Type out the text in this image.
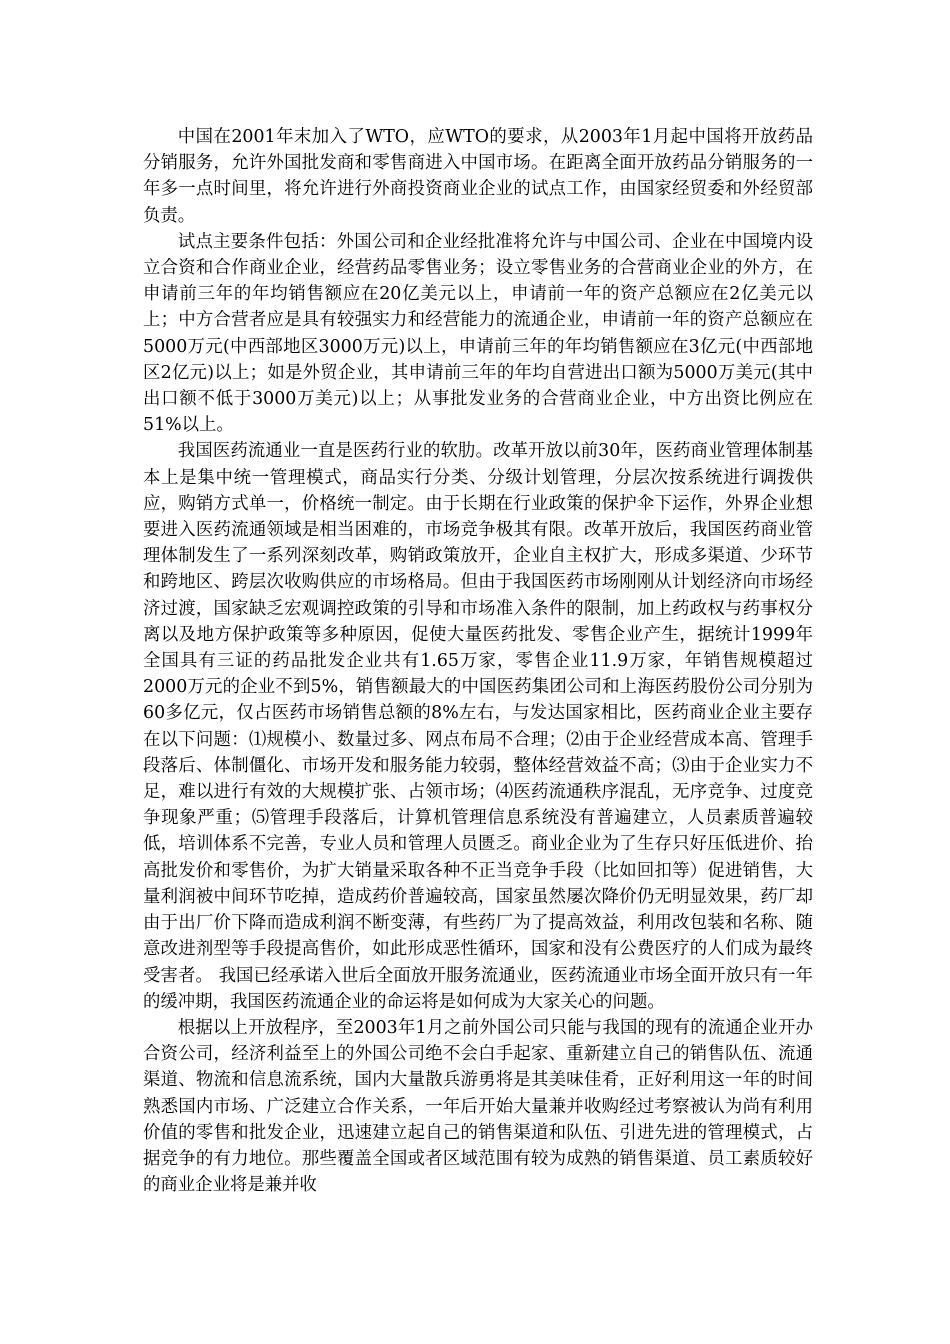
中国在2001年末加入了WTO，应WTO的要求，从2003年1月起中国将开放药品分销服务，允许外国批发商和零售商进入中国市场。在距离全面开放药品分销服务的一年多一点时间里，将允许进行外商投资商业企业的试点工作，由国家经贸委和外经贸部负责。

试点主要条件包括：外国公司和企业经批准将允许与中国公司、企业在中国境内设立合资和合作商业企业，经营药品零售业务；设立零售业务的合营商业企业的外方，在申请前三年的年均销售额应在20亿美元以上，申请前一年的资产总额应在2亿美元以上；中方合营者应是具有较强实力和经营能力的流通企业，申请前一年的资产总额应在5000万元(中西部地区3000万元)以上，申请前三年的年均销售额应在3亿元(中西部地区2亿元)以上；如是外贸企业，其申请前三年的年均自营进出口额为5000万美元(其中出口额不低于3000万美元)以上；从事批发业务的合营商业企业，中方出资比例应在51%以上。

我国医药流通业一直是医药行业的软肋。改革开放以前30年，医药商业管理体制基本上是集中统一管理模式，商品实行分类、分级计划管理，分层次按系统进行调拨供应，购销方式单一，价格统一制定。由于长期在行业政策的保护伞下运作，外界企业想要进入医药流通领域是相当困难的，市场竞争极其有限。改革开放后，我国医药商业管理体制发生了一系列深刻改革，购销政策放开，企业自主权扩大，形成多渠道、少环节和跨地区、跨层次收购供应的市场格局。但由于我国医药市场刚刚从计划经济向市场经济过渡，国家缺乏宏观调控政策的引导和市场准入条件的限制，加上药政权与药事权分离以及地方保护政策等多种原因，促使大量医药批发、零售企业产生，据统计1999年全国具有三证的药品批发企业共有1.65万家，零售企业11.9万家，年销售规模超过2000万元的企业不到5%，销售额最大的中国医药集团公司和上海医药股份公司分别为60多亿元，仅占医药市场销售总额的8%左右，与发达国家相比，医药商业企业主要存在以下问题：⑴规模小、数量过多、网点布局不合理；⑵由于企业经营成本高、管理手段落后、体制僵化、市场开发和服务能力较弱，整体经营效益不高；⑶由于企业实力不足，难以进行有效的大规模扩张、占领市场；⑷医药流通秩序混乱，无序竞争、过度竞争现象严重；⑸管理手段落后，计算机管理信息系统没有普遍建立，人员素质普遍较低，培训体系不完善，专业人员和管理人员匮乏。商业企业为了生存只好压低进价、抬高批发价和零售价，为扩大销量采取各种不正当竞争手段（比如回扣等）促进销售，大量利润被中间环节吃掉，造成药价普遍较高，国家虽然屡次降价仍无明显效果，药厂却由于出厂价下降而造成利润不断变薄，有些药厂为了提高效益，利用改包装和名称、随意改进剂型等手段提高售价，如此形成恶性循环，国家和没有公费医疗的人们成为最终受害者。 我国已经承诺入世后全面放开服务流通业，医药流通业市场全面开放只有一年的缓冲期，我国医药流通企业的命运将是如何成为大家关心的问题。

根据以上开放程序，至2003年1月之前外国公司只能与我国的现有的流通企业开办合资公司，经济利益至上的外国公司绝不会白手起家、重新建立自己的销售队伍、流通渠道、物流和信息流系统，国内大量散兵游勇将是其美味佳肴，正好利用这一年的时间熟悉国内市场、广泛建立合作关系，一年后开始大量兼并收购经过考察被认为尚有利用价值的零售和批发企业，迅速建立起自己的销售渠道和队伍、引进先进的管理模式，占据竞争的有力地位。那些覆盖全国或者区域范围有较为成熟的销售渠道、员工素质较好的商业企业将是兼并收
